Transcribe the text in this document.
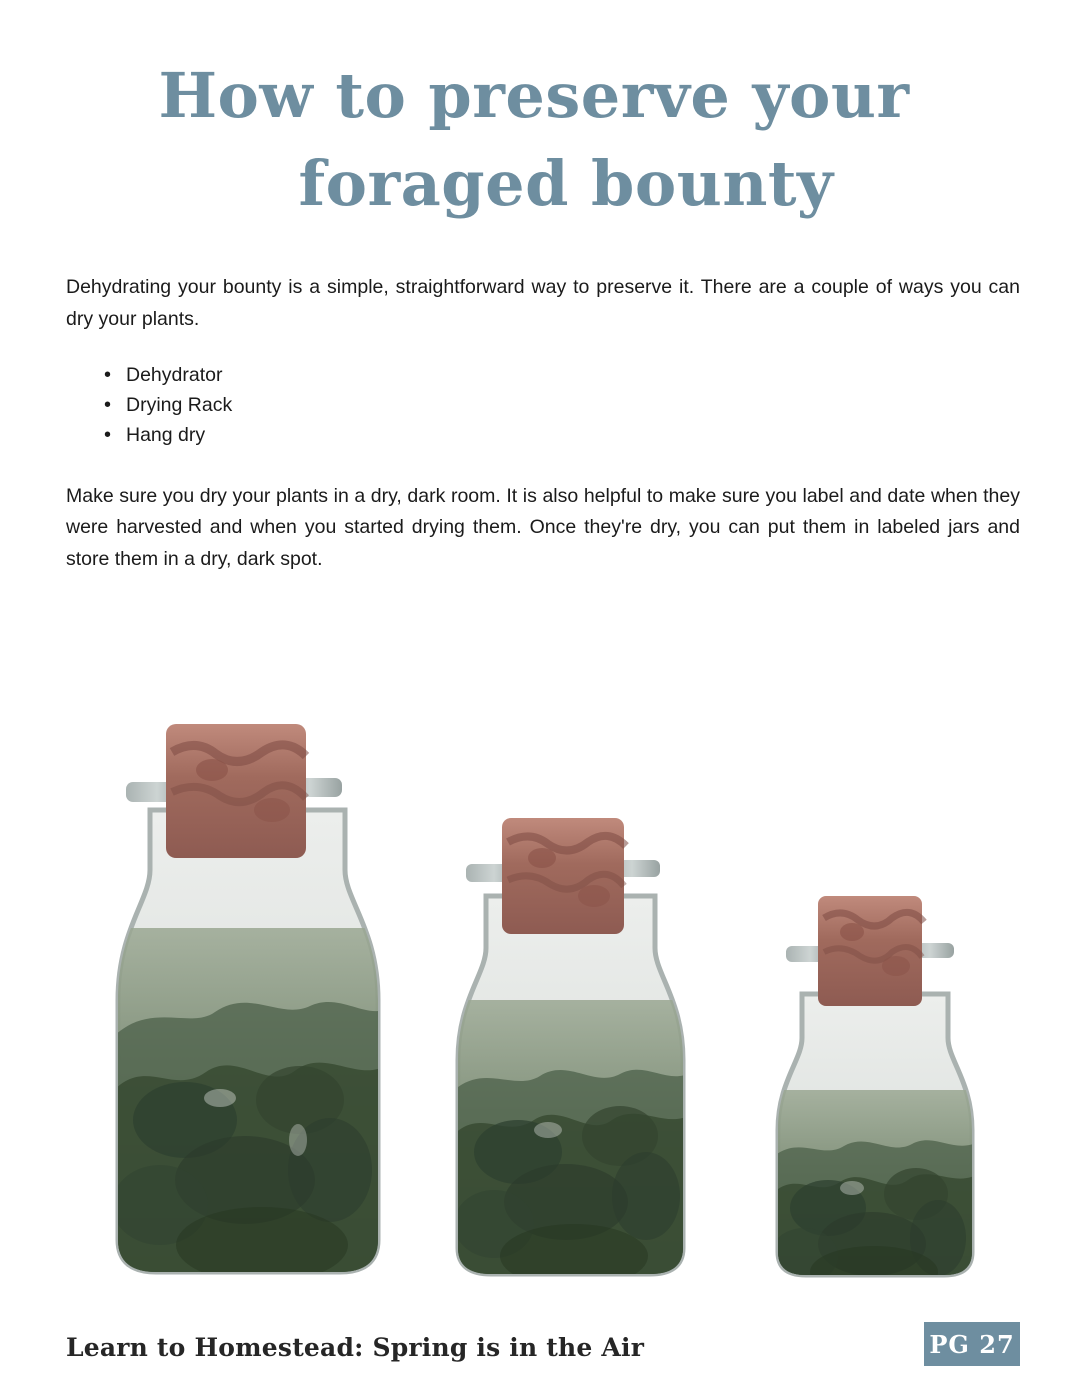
How to preserve your
foraged bounty

Dehydrating your bounty is a simple, straightforward way to preserve it. There are a couple of ways you can dry your plants.

• Dehydrator
• Drying Rack
• Hang dry

Make sure you dry your plants in a dry, dark room. It is also helpful to make sure you label and date when they were harvested and when you started drying them. Once they're dry, you can put them in labeled jars and store them in a dry, dark spot.

Learn to Homestead: Spring is in the Air	PG 27
